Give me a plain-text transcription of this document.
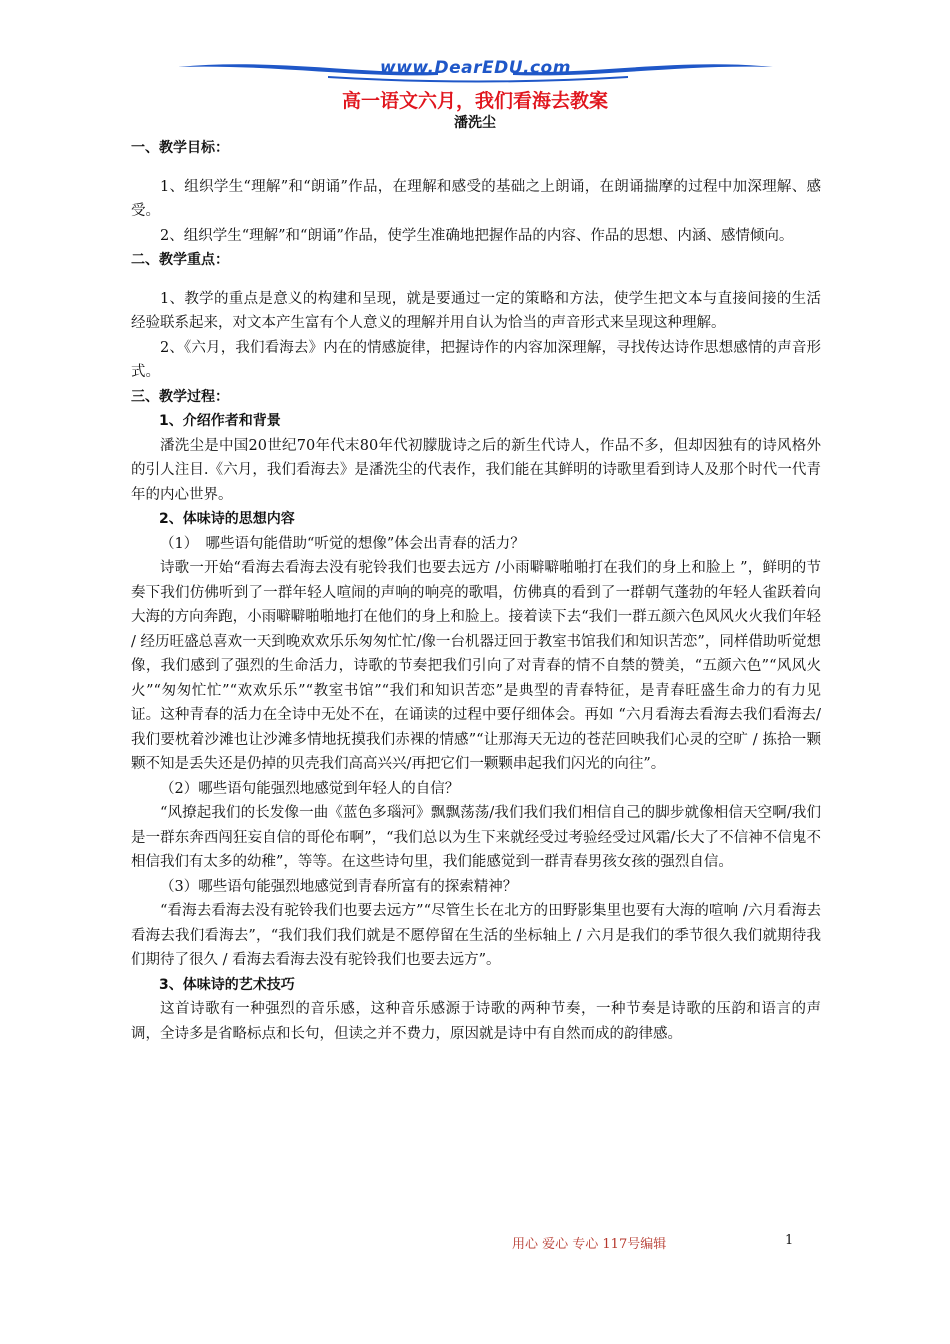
www.DearEDU.com
高一语文六月，我们看海去教案
潘洗尘

一、教学目标：

1、组织学生“理解”和“朗诵”作品，在理解和感受的基础之上朗诵，在朗诵揣摩的过程中加深理解、感受。

2、组织学生“理解”和“朗诵”作品，使学生准确地把握作品的内容、作品的思想、内涵、感情倾向。

二、教学重点：

1、教学的重点是意义的构建和呈现，就是要通过一定的策略和方法，使学生把文本与直接间接的生活经验联系起来，对文本产生富有个人意义的理解并用自认为恰当的声音形式来呈现这种理解。

2、《六月，我们看海去》内在的情感旋律，把握诗作的内容加深理解，寻找传达诗作思想感情的声音形式。

三、教学过程：

1、介绍作者和背景

潘洗尘是中国20世纪70年代末80年代初朦胧诗之后的新生代诗人，作品不多，但却因独有的诗风格外的引人注目.《六月，我们看海去》是潘洗尘的代表作，我们能在其鲜明的诗歌里看到诗人及那个时代一代青年的内心世界。

2、体味诗的思想内容

（1）　哪些语句能借助“听觉的想像”体会出青春的活力？

诗歌一开始“看海去看海去没有驼铃我们也要去远方 /小雨噼噼啪啪打在我们的身上和脸上 ”，鲜明的节奏下我们仿佛听到了一群年轻人喧闹的声响的响亮的歌唱，仿佛真的看到了一群朝气蓬勃的年轻人雀跃着向大海的方向奔跑，小雨噼噼啪啪地打在他们的身上和脸上。接着读下去“我们一群五颜六色风风火火我们年轻 / 经历旺盛总喜欢一天到晚欢欢乐乐匆匆忙忙/像一台机器迂回于教室书馆我们和知识苦恋”，同样借助听觉想像，我们感到了强烈的生命活力，诗歌的节奏把我们引向了对青春的情不自禁的赞美，“五颜六色”“风风火火”“匆匆忙忙”“欢欢乐乐”“教室书馆”“我们和知识苦恋”是典型的青春特征，是青春旺盛生命力的有力见证。这种青春的活力在全诗中无处不在，在诵读的过程中要仔细体会。再如 “六月看海去看海去我们看海去/我们要枕着沙滩也让沙滩多情地抚摸我们赤裸的情感”“让那海天无边的苍茫回映我们心灵的空旷 / 拣拾一颗颗不知是丢失还是仍掉的贝壳我们高高兴兴/再把它们一颗颗串起我们闪光的向往”。

（2）哪些语句能强烈地感觉到年轻人的自信？

“风撩起我们的长发像一曲《蓝色多瑙河》飘飘荡荡/我们我们我们相信自己的脚步就像相信天空啊/我们是一群东奔西闯狂妄自信的哥伦布啊”，“我们总以为生下来就经受过考验经受过风霜/长大了不信神不信鬼不相信我们有太多的幼稚”，等等。在这些诗句里，我们能感觉到一群青春男孩女孩的强烈自信。

（3）哪些语句能强烈地感觉到青春所富有的探索精神？

“看海去看海去没有驼铃我们也要去远方”“尽管生长在北方的田野影集里也要有大海的喧响 /六月看海去看海去我们看海去”，“我们我们我们就是不愿停留在生活的坐标轴上 / 六月是我们的季节很久我们就期待我们期待了很久 / 看海去看海去没有驼铃我们也要去远方”。

3、体味诗的艺术技巧

这首诗歌有一种强烈的音乐感，这种音乐感源于诗歌的两种节奏，一种节奏是诗歌的压韵和语言的声调，全诗多是省略标点和长句，但读之并不费力，原因就是诗中有自然而成的韵律感。

用心 爱心 专心 117号编辑	1
